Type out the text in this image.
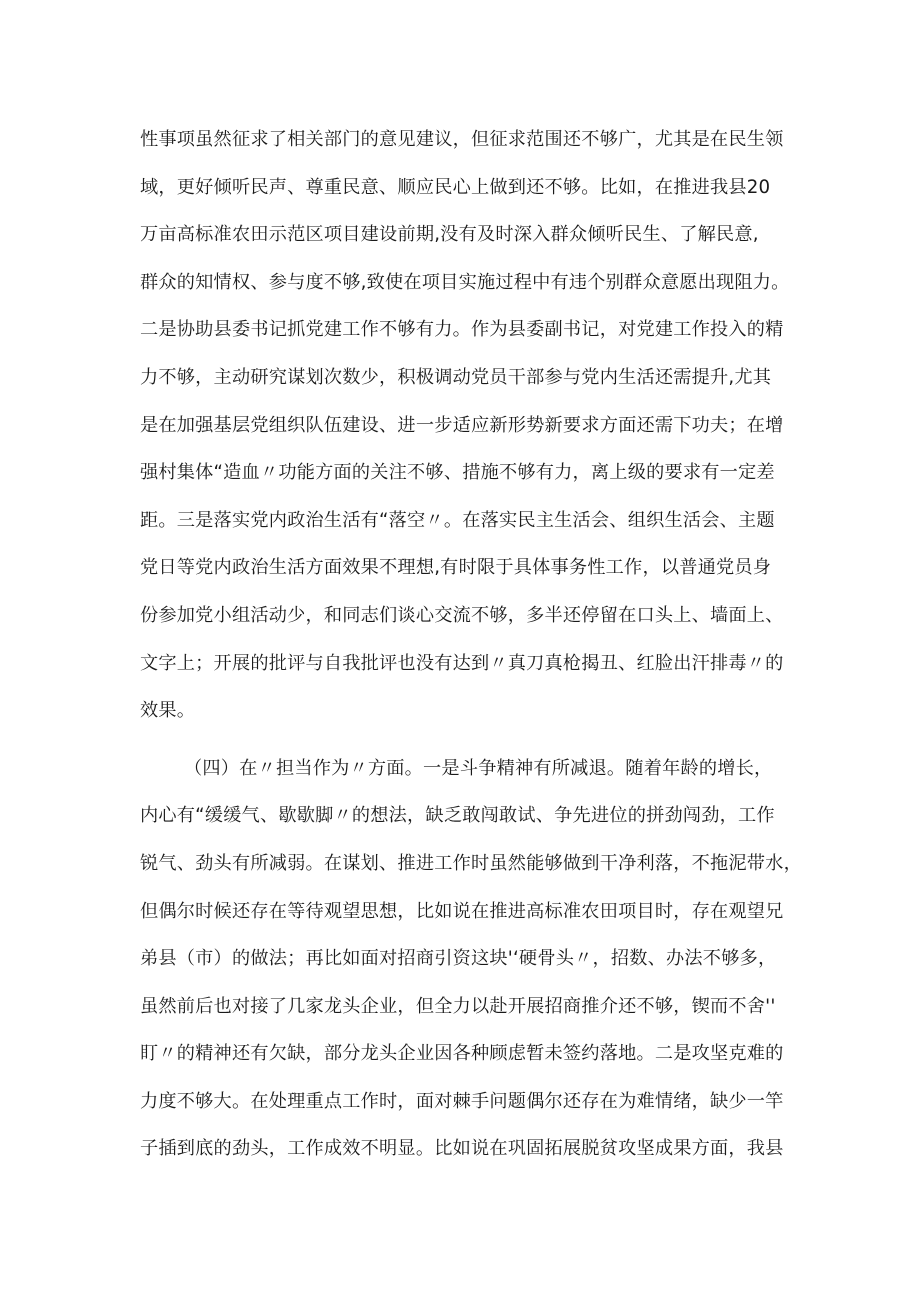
性事项虽然征求了相关部门的意见建议，但征求范围还不够广，尤其是在民生领
域，更好倾听民声、尊重民意、顺应民心上做到还不够。比如，在推进我县20
万亩高标准农田示范区项目建设前期,没有及时深入群众倾听民生、了解民意,
群众的知情权、参与度不够,致使在项目实施过程中有违个别群众意愿出现阻力。
二是协助县委书记抓党建工作不够有力。作为县委副书记，对党建工作投入的精
力不够，主动研究谋划次数少，积极调动党员干部参与党内生活还需提升,尤其
是在加强基层党组织队伍建设、进一步适应新形势新要求方面还需下功夫；在增
强村集体“造血〃功能方面的关注不够、措施不够有力，离上级的要求有一定差
距。三是落实党内政治生活有“落空〃。在落实民主生活会、组织生活会、主题
党日等党内政治生活方面效果不理想,有时限于具体事务性工作，以普通党员身
份参加党小组活动少，和同志们谈心交流不够，多半还停留在口头上、墙面上、
文字上；开展的批评与自我批评也没有达到〃真刀真枪揭丑、红脸出汗排毒〃的
效果。
（四）在〃担当作为〃方面。一是斗争精神有所减退。随着年龄的增长，
内心有“缓缓气、歇歇脚〃的想法，缺乏敢闯敢试、争先进位的拼劲闯劲，工作
锐气、劲头有所减弱。在谋划、推进工作时虽然能够做到干净利落，不拖泥带水，
但偶尔时候还存在等待观望思想，比如说在推进高标准农田项目时，存在观望兄
弟县（市）的做法；再比如面对招商引资这块'‘硬骨头〃，招数、办法不够多，
虽然前后也对接了几家龙头企业，但全力以赴开展招商推介还不够，锲而不舍''
盯〃的精神还有欠缺，部分龙头企业因各种顾虑暂未签约落地。二是攻坚克难的
力度不够大。在处理重点工作时，面对棘手问题偶尔还存在为难情绪，缺少一竿
子插到底的劲头，工作成效不明显。比如说在巩固拓展脱贫攻坚成果方面，我县
